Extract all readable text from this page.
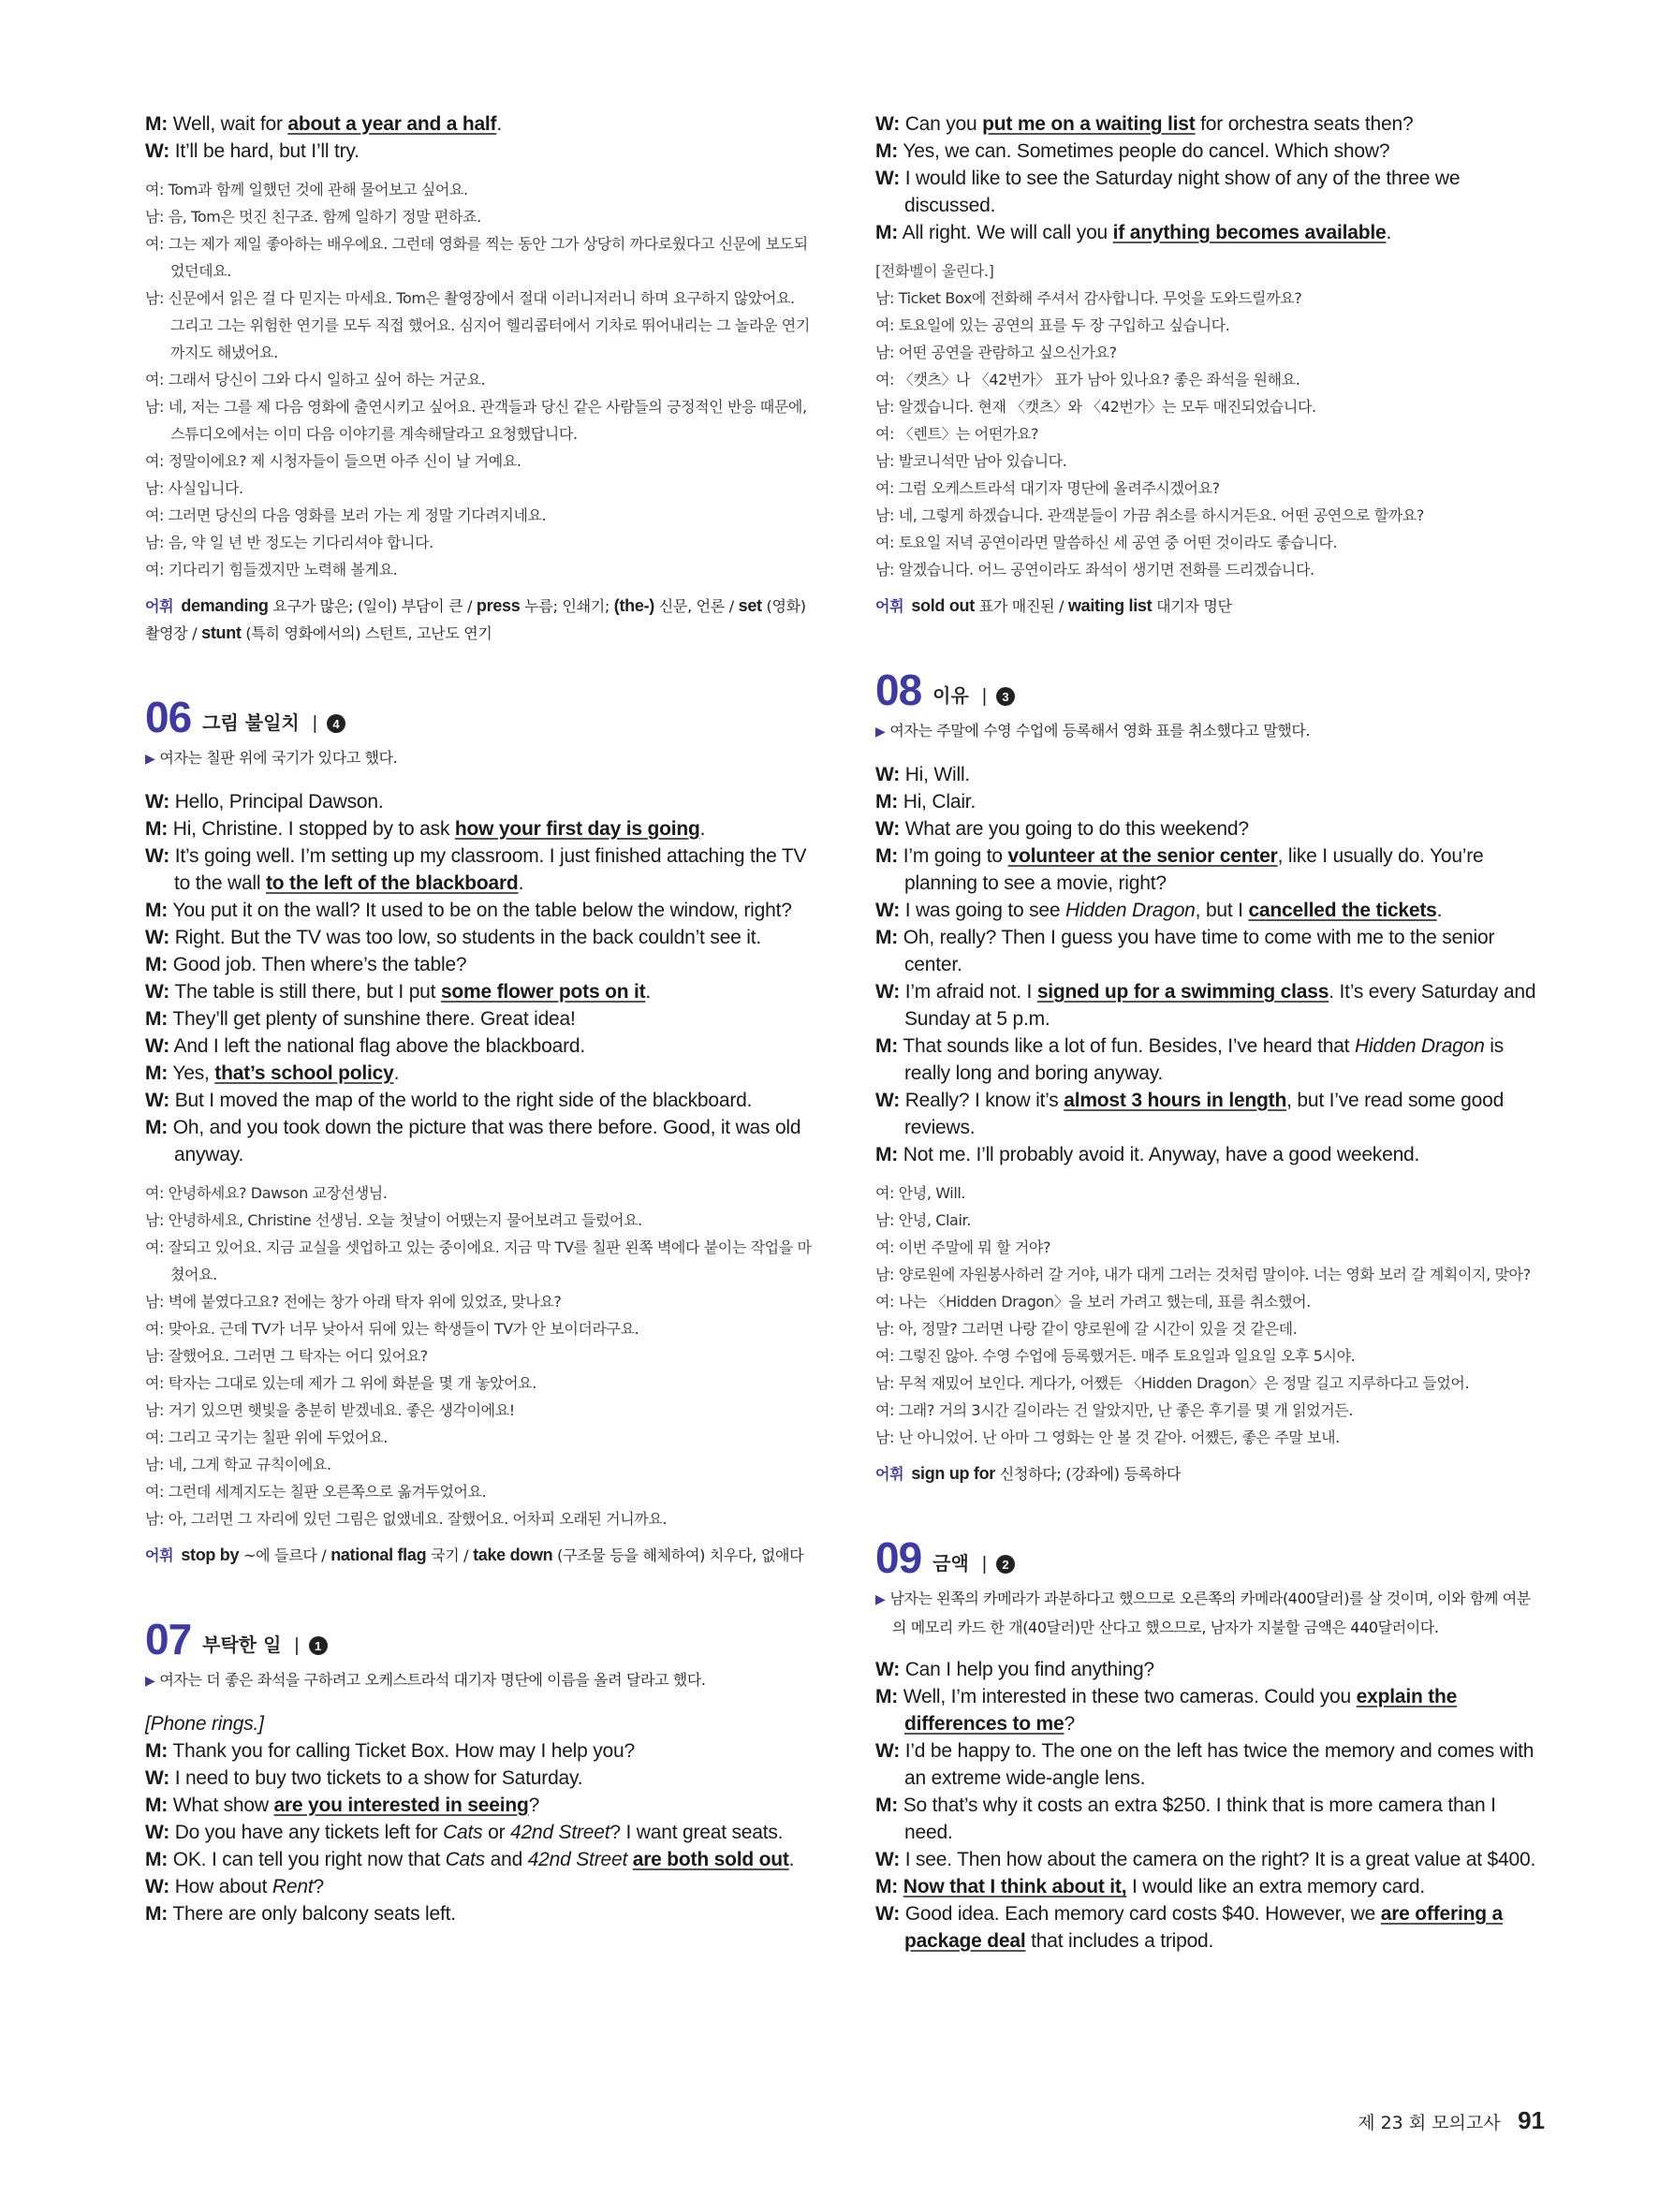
M: Well, wait for about a year and a half.
W: It’ll be hard, but I’ll try.
여: Tom과 함께 일했던 것에 관해 물어보고 싶어요.
남: 음, Tom은 멋진 친구죠. 함께 일하기 정말 편하죠.
여: 그는 제가 제일 좋아하는 배우에요. 그런데 영화를 찍는 동안 그가 상당히 까다로웠다고 신문에 보도되었던데요.
남: 신문에서 읽은 걸 다 믿지는 마세요. Tom은 촬영장에서 절대 이러니저러니 하며 요구하지 않았어요. 그리고 그는 위험한 연기를 모두 직접 했어요. 심지어 헬리콥터에서 기차로 뛰어내리는 그 놀라운 연기까지도 해냈어요.
여: 그래서 당신이 그와 다시 일하고 싶어 하는 거군요.
남: 네, 저는 그를 제 다음 영화에 출연시키고 싶어요. 관객들과 당신 같은 사람들의 긍정적인 반응 때문에, 스튜디오에서는 이미 다음 이야기를 계속해달라고 요청했답니다.
여: 정말이에요? 제 시청자들이 들으면 아주 신이 날 거예요.
남: 사실입니다.
여: 그러면 당신의 다음 영화를 보러 가는 게 정말 기다려지네요.
남: 음, 약 일 년 반 정도는 기다리셔야 합니다.
여: 기다리기 힘들겠지만 노력해 볼게요.
어휘 demanding 요구가 많은; (일이) 부담이 큰 / press 누름; 인쇄기; (the-) 신문, 언론 / set (영화) 촬영장 / stunt (특히 영화에서의) 스턴트, 고난도 연기
06 그림 불일치 |	4
▶ 여자는 칠판 위에 국기가 있다고 했다.
W: Hello, Principal Dawson.
M: Hi, Christine. I stopped by to ask how your first day is going.
W: It’s going well. I’m setting up my classroom. I just finished attaching the TV to the wall to the left of the blackboard.
M: You put it on the wall? It used to be on the table below the window, right?
W: Right. But the TV was too low, so students in the back couldn’t see it.
M: Good job. Then where’s the table?
W: The table is still there, but I put some flower pots on it.
M: They’ll get plenty of sunshine there. Great idea!
W: And I left the national flag above the blackboard.
M: Yes, that’s school policy.
W: But I moved the map of the world to the right side of the blackboard.
M: Oh, and you took down the picture that was there before. Good, it was old anyway.
여: 안녕하세요? Dawson 교장선생님.
남: 안녕하세요, Christine 선생님. 오늘 첫날이 어땠는지 물어보려고 들렀어요.
여: 잘되고 있어요. 지금 교실을 셋업하고 있는 중이에요. 지금 막 TV를 칠판 왼쪽 벽에다 붙이는 작업을 마쳤어요.
남: 벽에 붙였다고요? 전에는 창가 아래 탁자 위에 있었죠, 맞나요?
여: 맞아요. 근데 TV가 너무 낮아서 뒤에 있는 학생들이 TV가 안 보이더라구요.
남: 잘했어요. 그러면 그 탁자는 어디 있어요?
여: 탁자는 그대로 있는데 제가 그 위에 화분을 몇 개 놓았어요.
남: 거기 있으면 햇빛을 충분히 받겠네요. 좋은 생각이에요!
여: 그리고 국기는 칠판 위에 두었어요.
남: 네, 그게 학교 규칙이에요.
여: 그런데 세계지도는 칠판 오른쪽으로 옮겨두었어요.
남: 아, 그러면 그 자리에 있던 그림은 없앴네요. 잘했어요. 어차피 오래된 거니까요.
어휘 stop by ~에 들르다 / national flag 국기 / take down (구조물 등을 해체하여) 치우다, 없애다
07 부탁한 일 |	1
▶ 여자는 더 좋은 좌석을 구하려고 오케스트라석 대기자 명단에 이름을 올려 달라고 했다.
[Phone rings.]
M: Thank you for calling Ticket Box. How may I help you?
W: I need to buy two tickets to a show for Saturday.
M: What show are you interested in seeing?
W: Do you have any tickets left for Cats or 42nd Street? I want great seats.
M: OK. I can tell you right now that Cats and 42nd Street are both sold out.
W: How about Rent?
M: There are only balcony seats left.
W: Can you put me on a waiting list for orchestra seats then?
M: Yes, we can. Sometimes people do cancel. Which show?
W: I would like to see the Saturday night show of any of the three we discussed.
M: All right. We will call you if anything becomes available.
[전화벨이 울린다.]
남: Ticket Box에 전화해 주셔서 감사합니다. 무엇을 도와드릴까요?
여: 토요일에 있는 공연의 표를 두 장 구입하고 싶습니다.
남: 어떤 공연을 관람하고 싶으신가요?
여: 〈캣츠〉나 〈42번가〉 표가 남아 있나요? 좋은 좌석을 원해요.
남: 알겠습니다. 현재 〈캣츠〉와 〈42번가〉는 모두 매진되었습니다.
여: 〈렌트〉는 어떤가요?
남: 발코니석만 남아 있습니다.
여: 그럼 오케스트라석 대기자 명단에 올려주시겠어요?
남: 네, 그렇게 하겠습니다. 관객분들이 가끔 취소를 하시거든요. 어떤 공연으로 할까요?
여: 토요일 저녁 공연이라면 말씀하신 세 공연 중 어떤 것이라도 좋습니다.
남: 알겠습니다. 어느 공연이라도 좌석이 생기면 전화를 드리겠습니다.
어휘 sold out 표가 매진된 / waiting list 대기자 명단
08 이유 |	3
▶ 여자는 주말에 수영 수업에 등록해서 영화 표를 취소했다고 말했다.
W: Hi, Will.
M: Hi, Clair.
W: What are you going to do this weekend?
M: I’m going to volunteer at the senior center, like I usually do. You’re planning to see a movie, right?
W: I was going to see Hidden Dragon, but I cancelled the tickets.
M: Oh, really? Then I guess you have time to come with me to the senior center.
W: I’m afraid not. I signed up for a swimming class. It’s every Saturday and Sunday at 5 p.m.
M: That sounds like a lot of fun. Besides, I’ve heard that Hidden Dragon is really long and boring anyway.
W: Really? I know it’s almost 3 hours in length, but I’ve read some good reviews.
M: Not me. I’ll probably avoid it. Anyway, have a good weekend.
여: 안녕, Will.
남: 안녕, Clair.
여: 이번 주말에 뭐 할 거야?
남: 양로원에 자원봉사하러 갈 거야, 내가 대게 그러는 것처럼 말이야. 너는 영화 보러 갈 계획이지, 맞아?
여: 나는 〈Hidden Dragon〉을 보러 가려고 했는데, 표를 취소했어.
남: 아, 정말? 그러면 나랑 같이 양로원에 갈 시간이 있을 것 같은데.
여: 그렇진 않아. 수영 수업에 등록했거든. 매주 토요일과 일요일 오후 5시야.
남: 무척 재밌어 보인다. 게다가, 어쨌든 〈Hidden Dragon〉은 정말 길고 지루하다고 들었어.
여: 그래? 거의 3시간 길이라는 건 알았지만, 난 좋은 후기를 몇 개 읽었거든.
남: 난 아니었어. 난 아마 그 영화는 안 볼 것 같아. 어쨌든, 좋은 주말 보내.
어휘 sign up for 신청하다; (강좌에) 등록하다
09 금액 |	2
▶ 남자는 왼쪽의 카메라가 과분하다고 했으므로 오른쪽의 카메라(400달러)를 살 것이며, 이와 함께 여분의 메모리 카드 한 개(40달러)만 산다고 했으므로, 남자가 지불할 금액은 440달러이다.
W: Can I help you find anything?
M: Well, I’m interested in these two cameras. Could you explain the differences to me?
W: I’d be happy to. The one on the left has twice the memory and comes with an extreme wide-angle lens.
M: So that’s why it costs an extra $250. I think that is more camera than I need.
W: I see. Then how about the camera on the right? It is a great value at $400.
M: Now that I think about it, I would like an extra memory card.
W: Good idea. Each memory card costs $40. However, we are offering a package deal that includes a tripod.
제 23 회 모의고사 91
